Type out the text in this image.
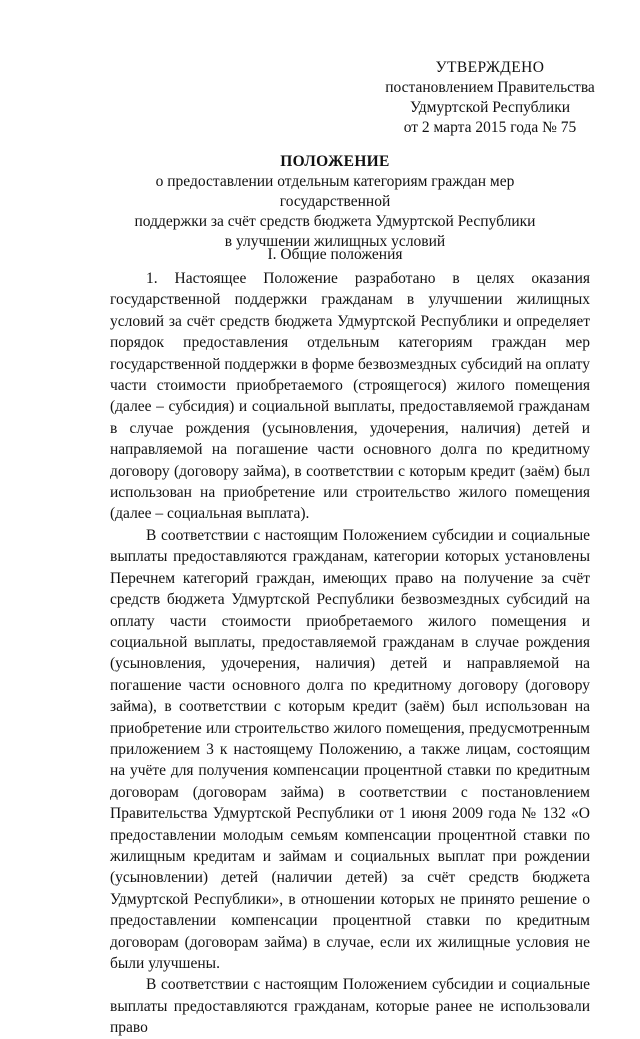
УТВЕРЖДЕНО
постановлением Правительства
Удмуртской Республики
от 2 марта 2015 года № 75
ПОЛОЖЕНИЕ
о предоставлении отдельным категориям граждан мер государственной
поддержки за счёт средств бюджета Удмуртской Республики
в улучшении жилищных условий
I. Общие положения

1. Настоящее Положение разработано в целях оказания государственной поддержки гражданам в улучшении жилищных условий за счёт средств бюджета Удмуртской Республики и определяет порядок предоставления отдельным категориям граждан мер государственной поддержки в форме безвозмездных субсидий на оплату части стоимости приобретаемого (строящегося) жилого помещения (далее – субсидия) и социальной выплаты, предоставляемой гражданам в случае рождения (усыновления, удочерения, наличия) детей и направляемой на погашение части основного долга по кредитному договору (договору займа), в соответствии с которым кредит (заём) был использован на приобретение или строительство жилого помещения (далее – социальная выплата).

В соответствии с настоящим Положением субсидии и социальные выплаты предоставляются гражданам, категории которых установлены Перечнем категорий граждан, имеющих право на получение за счёт средств бюджета Удмуртской Республики безвозмездных субсидий на оплату части стоимости приобретаемого жилого помещения и социальной выплаты, предоставляемой гражданам в случае рождения (усыновления, удочерения, наличия) детей и направляемой на погашение части основного долга по кредитному договору (договору займа), в соответствии с которым кредит (заём) был использован на приобретение или строительство жилого помещения, предусмотренным приложением 3 к настоящему Положению, а также лицам, состоящим на учёте для получения компенсации процентной ставки по кредитным договорам (договорам займа) в соответствии с постановлением Правительства Удмуртской Республики от 1 июня 2009 года № 132 «О предоставлении молодым семьям компенсации процентной ставки по жилищным кредитам и займам и социальных выплат при рождении (усыновлении) детей (наличии детей) за счёт средств бюджета Удмуртской Республики», в отношении которых не принято решение о предоставлении компенсации процентной ставки по кредитным договорам (договорам займа) в случае, если их жилищные условия не были улучшены.

В соответствии с настоящим Положением субсидии и социальные выплаты предоставляются гражданам, которые ранее не использовали право
